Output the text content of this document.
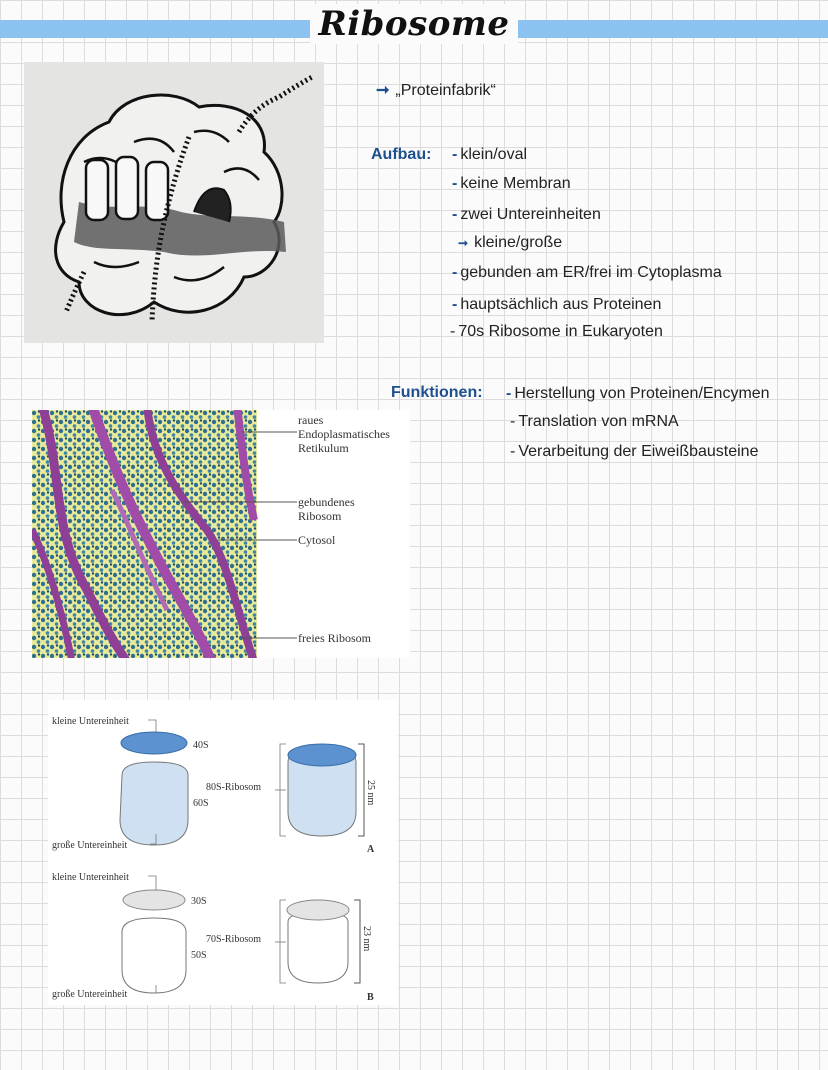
Ribosome
➞ „Proteinfabrik“
Aufbau: - klein/oval
- keine Membran
- zwei Untereinheiten
➞ kleine/große
- gebunden am ER/frei im Cytoplasma
- hauptsächlich aus Proteinen
- 70s Ribosome in Eukaryoten
Funktionen: - Herstellung von Proteinen/Encymen
- Translation von mRNA
- Verarbeitung der Eiweißbausteine
raues
Endoplasmatisches
Retikulum
gebundenes
Ribosom
Cytosol
freies Ribosom
kleine Untereinheit
40S
80S-Ribosom
60S
große Untereinheit
25 nm
A
kleine Untereinheit
30S
70S-Ribosom
50S
große Untereinheit
23 nm
B
